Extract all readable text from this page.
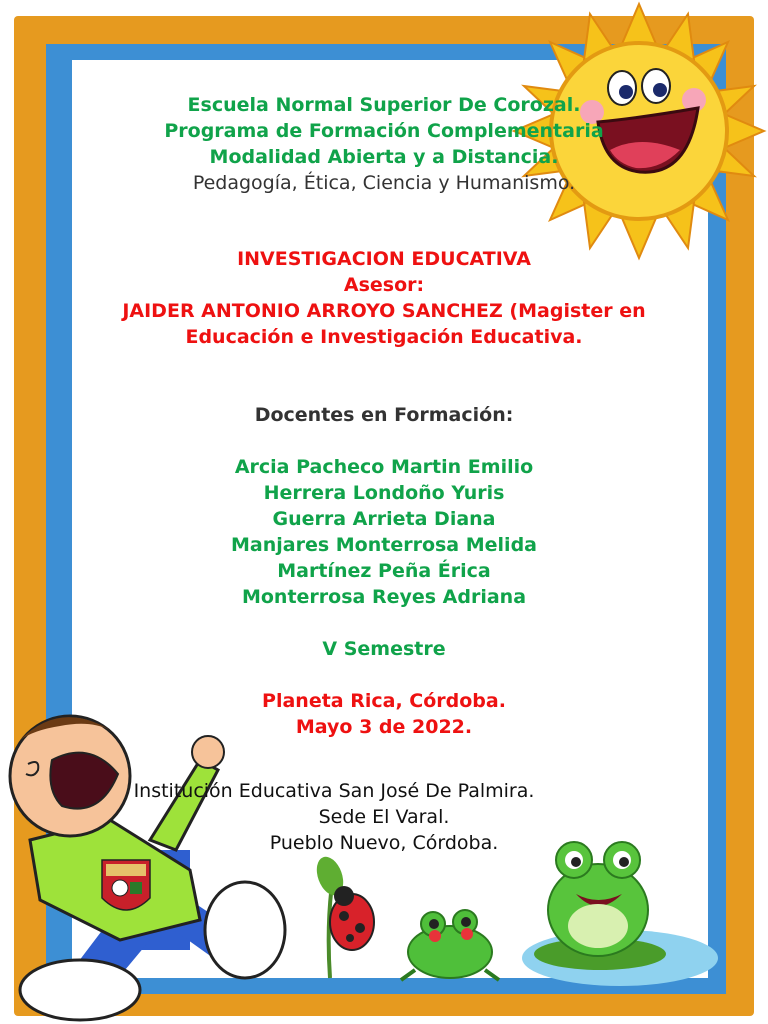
Escuela Normal Superior De Corozal.
Programa de Formación Complementaria
Modalidad Abierta y a Distancia.
Pedagogía, Ética, Ciencia y Humanismo.
INVESTIGACION EDUCATIVA
Asesor:
JAIDER ANTONIO ARROYO SANCHEZ (Magister en
Educación e Investigación Educativa.
Docentes en Formación:
Arcia Pacheco Martin Emilio
Herrera Londoño Yuris
Guerra Arrieta Diana
Manjares Monterrosa Melida
Martínez Peña Érica
Monterrosa Reyes Adriana
V Semestre
Planeta Rica, Córdoba.
Mayo 3 de 2022.
Institución Educativa San José De Palmira.
Sede El Varal.
Pueblo Nuevo, Córdoba.
